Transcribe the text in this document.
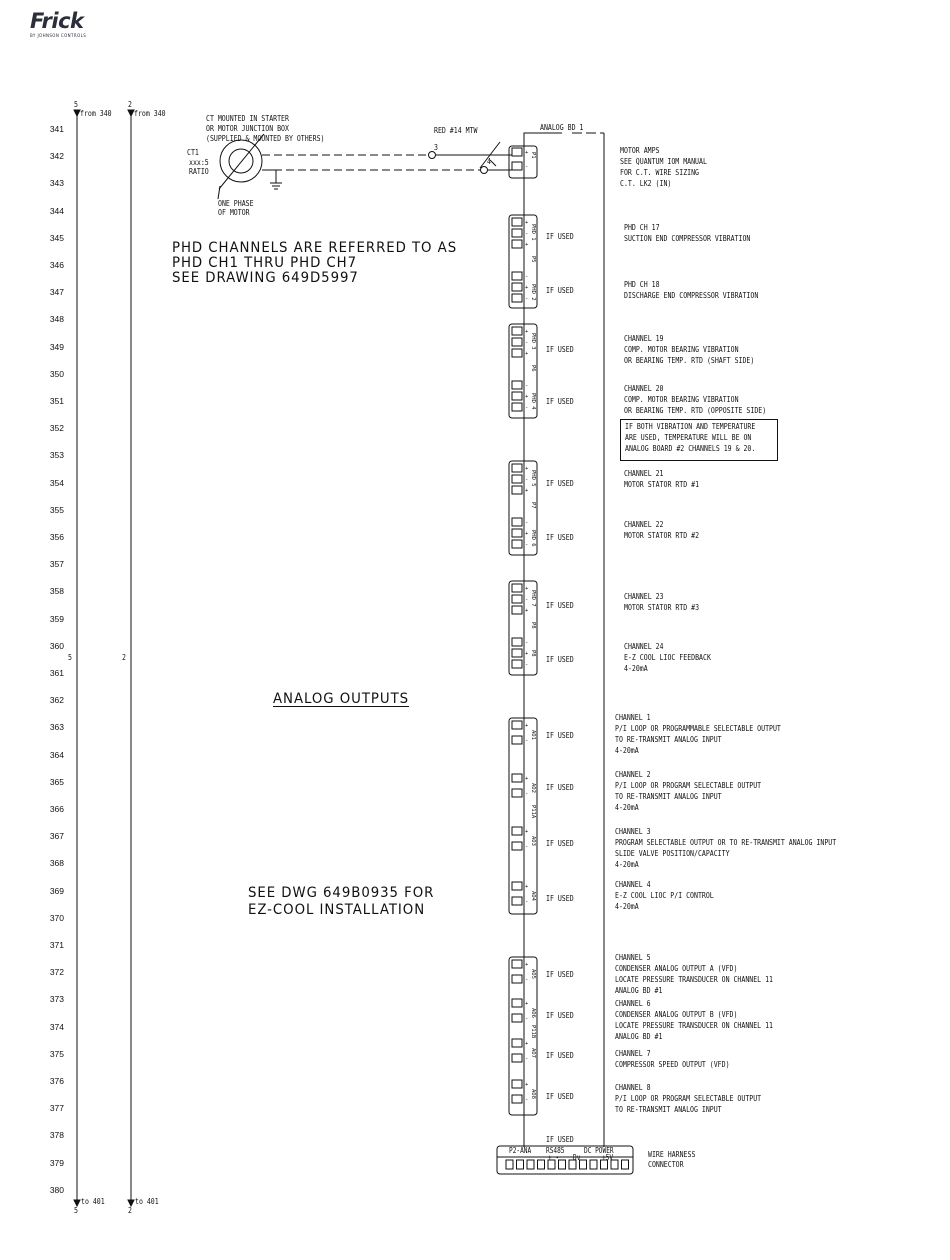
Frick
BY JOHNSON CONTROLS
341
342
343
344
345
346
347
348
349
350
351
352
353
354
355
356
357
358
359
360
361
362
363
364
365
366
367
368
369
370
371
372
373
374
375
376
377
378
379
380
+
-
P1
+
-
+
-
+
-
PHD 1
P5
PHD 2
+
-
+
-
+
-
PHD 3
P6
PHD 4
+
-
+
-
+
-
PHD 5
P7
PHD 6
+
-
+
-
+
-
PHD 7
P8
P8
+
-
+
-
+
-
+
-
AO1
AO2
P11A
AO3
AO4
+
-
+
-
+
-
+
-
AO5
AO6
P11B
AO7
AO8
CT MOUNTED IN STARTER
OR MOTOR JUNCTION BOX
(SUPPLIED & MOUNTED BY OTHERS)
CT1
xxx:5
RATIO
ONE PHASE
OF MOTOR
RED #14 MTW
3
4
ANALOG BD 1
5
from 340
2
from 340
5	2
to 401	to 401
5	2
PHD CHANNELS ARE REFERRED TO AS
PHD CH1 THRU PHD CH7
SEE DRAWING 649D5997
ANALOG OUTPUTS
SEE DWG 649B0935 FOR
EZ-COOL INSTALLATION
IF BOTH VIBRATION AND TEMPERATURE
ARE USED, TEMPERATURE WILL BE ON
ANALOG BOARD #2 CHANNELS 19 & 20.
IF USED
IF USED
IF USED
IF USED
IF USED
IF USED
IF USED
IF USED
IF USED
IF USED
IF USED
IF USED
IF USED
IF USED
IF USED
IF USED
IF USED
MOTOR AMPS
SEE QUANTUM IOM MANUAL
FOR C.T. WIRE SIZING
C.T. LK2 (IN)
PHD CH 17
SUCTION END COMPRESSOR VIBRATION
PHD CH 18
DISCHARGE END COMPRESSOR VIBRATION
CHANNEL 19
COMP. MOTOR BEARING VIBRATION
OR BEARING TEMP. RTD (SHAFT SIDE)
CHANNEL 20
COMP. MOTOR BEARING VIBRATION
OR BEARING TEMP. RTD (OPPOSITE SIDE)
CHANNEL 21
MOTOR STATOR RTD #1
CHANNEL 22
MOTOR STATOR RTD #2
CHANNEL 23
MOTOR STATOR RTD #3
CHANNEL 24
E-Z COOL LIOC FEEDBACK
4-20mA
CHANNEL 1
P/I LOOP OR PROGRAMMABLE SELECTABLE OUTPUT
TO RE-TRANSMIT ANALOG INPUT
4-20mA
CHANNEL 2
P/I LOOP OR PROGRAM SELECTABLE OUTPUT
TO RE-TRANSMIT ANALOG INPUT
4-20mA
CHANNEL 3
PROGRAM SELECTABLE OUTPUT OR TO RE-TRANSMIT ANALOG INPUT
SLIDE VALVE POSITION/CAPACITY
4-20mA
CHANNEL 4
E-Z COOL LIOC P/I CONTROL
4-20mA
CHANNEL 5
CONDENSER ANALOG OUTPUT A (VFD)
LOCATE PRESSURE TRANSDUCER ON CHANNEL 11
ANALOG BD #1
CHANNEL 6
CONDENSER ANALOG OUTPUT B (VFD)
LOCATE PRESSURE TRANSDUCER ON CHANNEL 11
ANALOG BD #1
CHANNEL 7
COMPRESSOR SPEED OUTPUT (VFD)
CHANNEL 8
P/I LOOP OR PROGRAM SELECTABLE OUTPUT
TO RE-TRANSMIT ANALOG INPUT
P2-ANA RS485	DC POWER
+ - Dv	+5V	WIRE HARNESS
CONNECTOR
